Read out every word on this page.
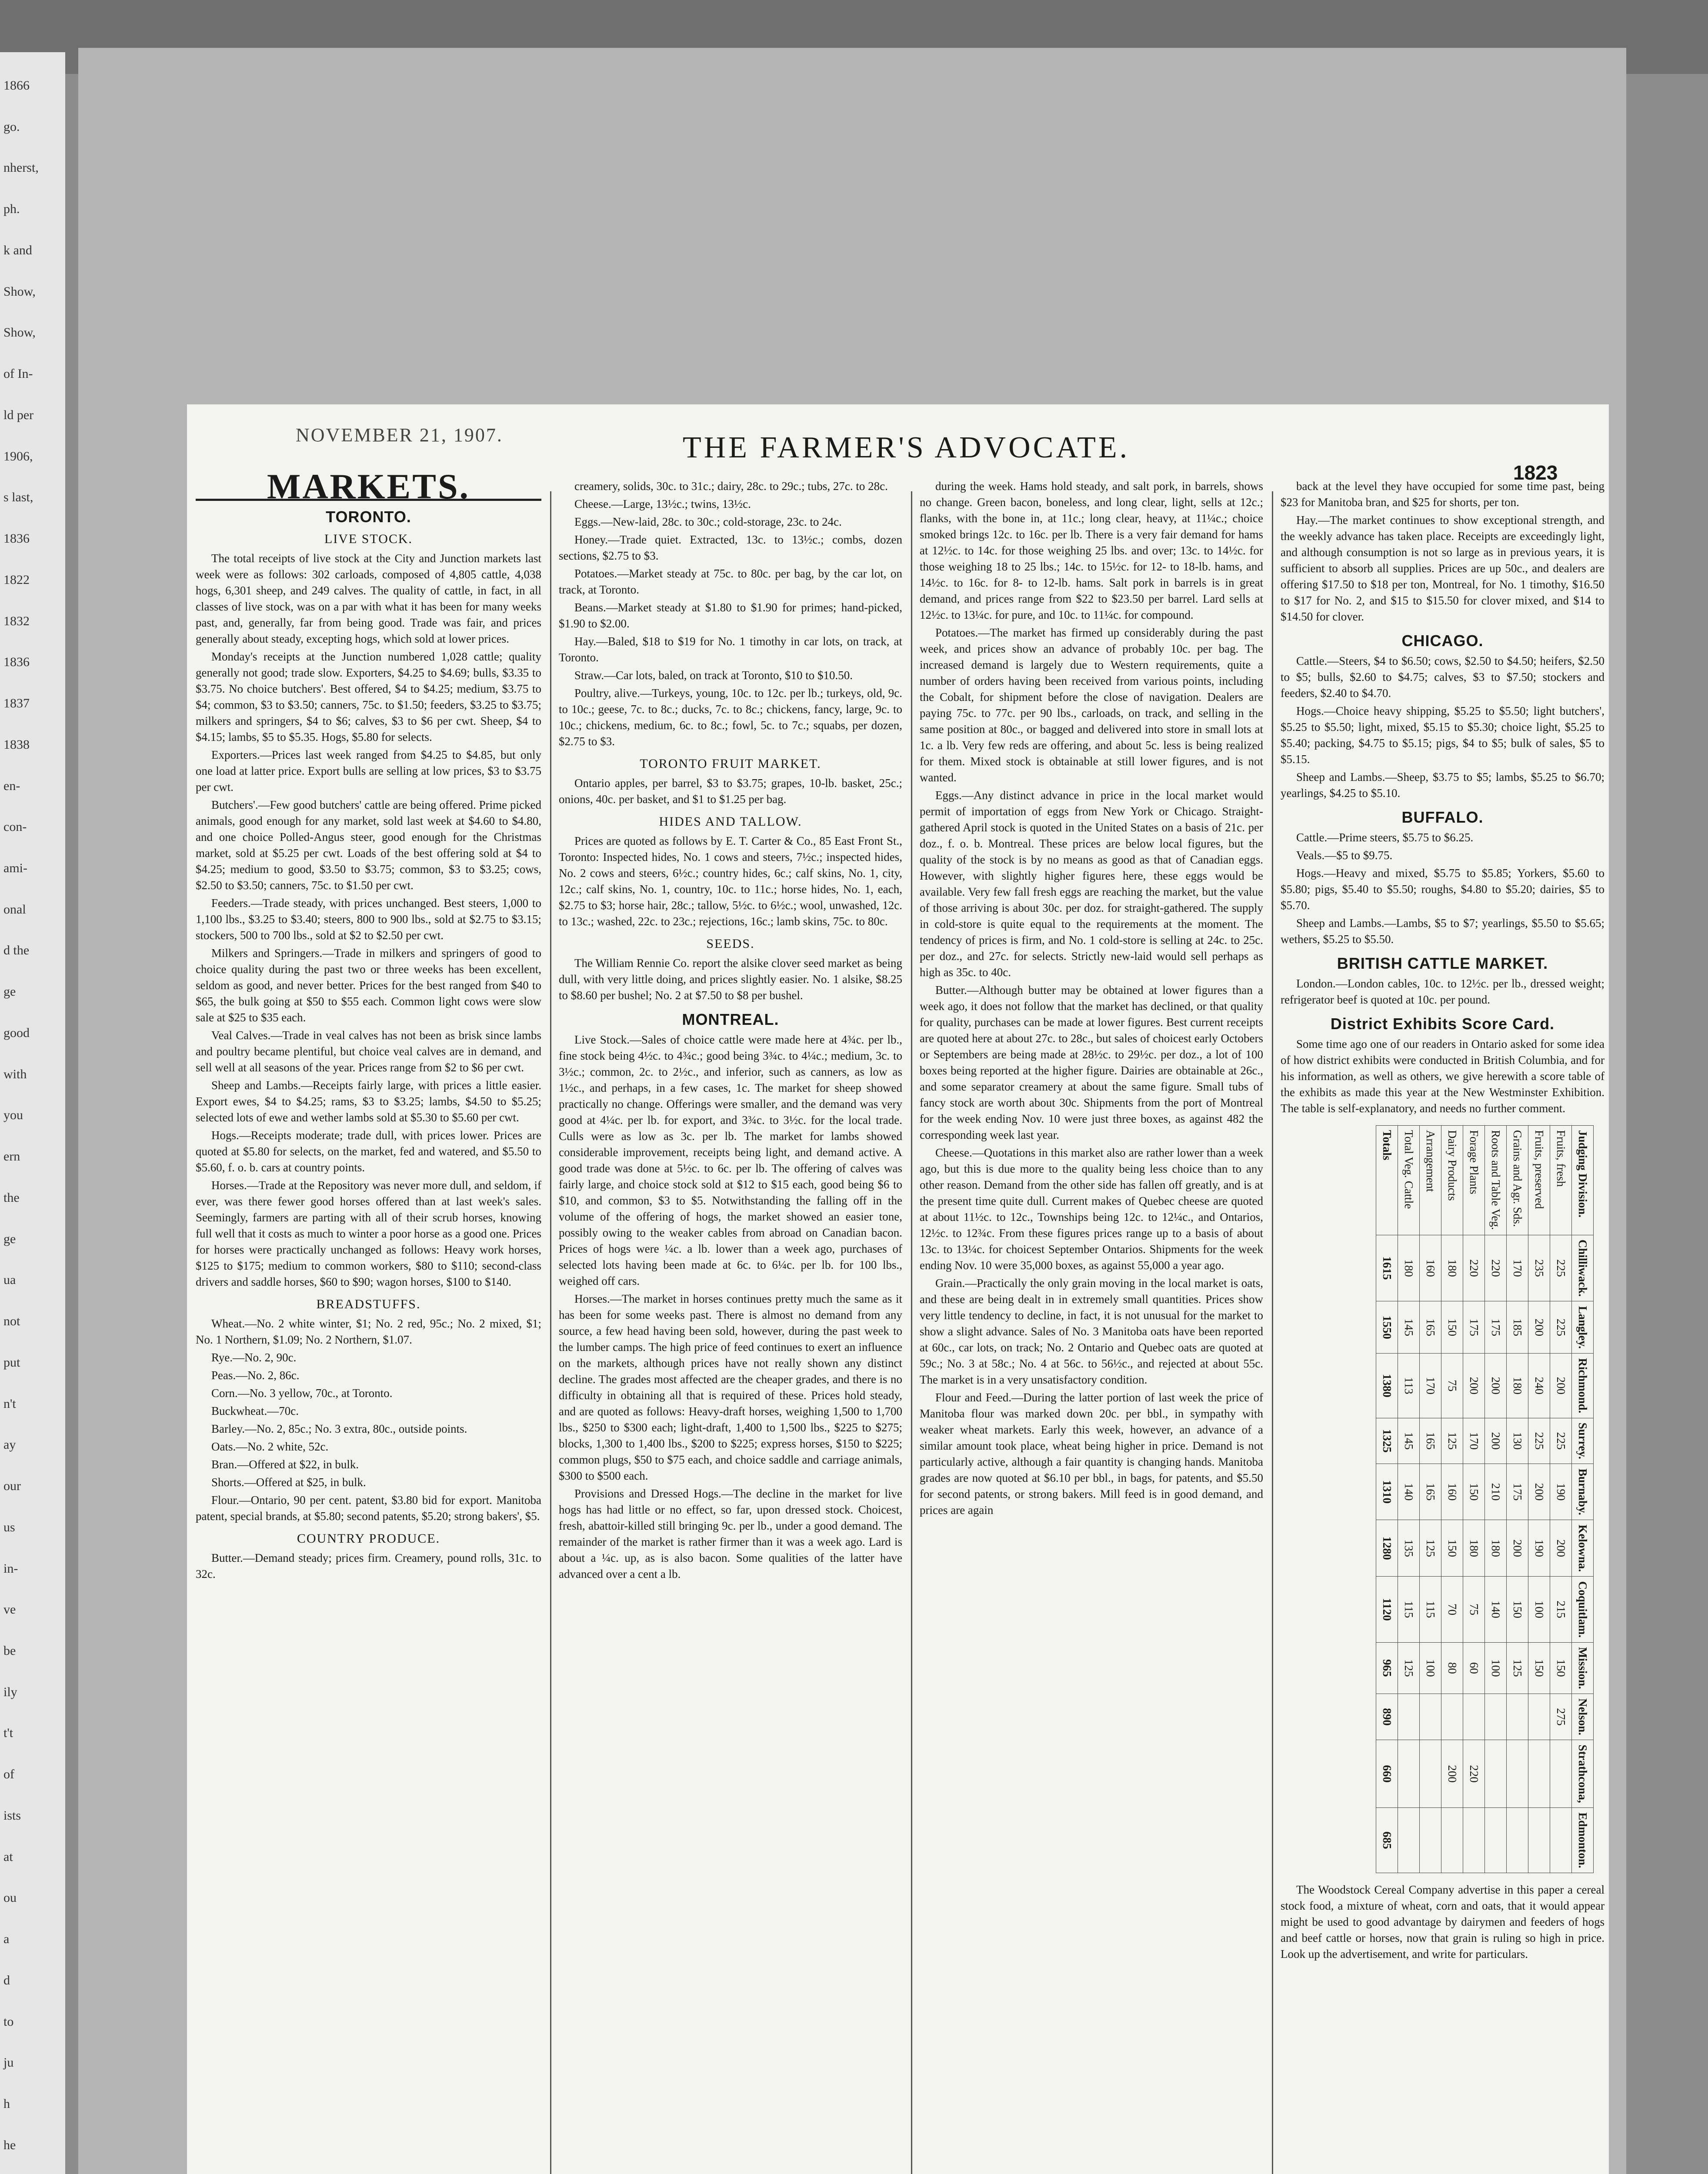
1866
go.
nherst,
ph.
k and
Show,
Show,
of In-
ld per
1906,
s last,
1836
1822
1832
1836
1837
1838
en-
con-
ami-
onal
d the
ge
good
with
you
ern
the
ge
ua
not
put
n't
ay
our
us
in-
ve
be
ily
t't
of
ists
at
ou
a
d
to
ju
h
he
NOVEMBER 21, 1907.	THE FARMER'S ADVOCATE.
1823
MARKETS.
TORONTO.
LIVE STOCK.

The total receipts of live stock at the City and Junction markets last week were as follows: 302 carloads, composed of 4,805 cattle, 4,038 hogs, 6,301 sheep, and 249 calves. The quality of cattle, in fact, in all classes of live stock, was on a par with what it has been for many weeks past, and, generally, far from being good. Trade was fair, and prices generally about steady, excepting hogs, which sold at lower prices.

Monday's receipts at the Junction numbered 1,028 cattle; quality generally not good; trade slow. Exporters, $4.25 to $4.69; bulls, $3.35 to $3.75. No choice butchers'. Best offered, $4 to $4.25; medium, $3.75 to $4; common, $3 to $3.50; canners, 75c. to $1.50; feeders, $3.25 to $3.75; milkers and springers, $4 to $6; calves, $3 to $6 per cwt. Sheep, $4 to $4.15; lambs, $5 to $5.35. Hogs, $5.80 for selects.

Exporters.—Prices last week ranged from $4.25 to $4.85, but only one load at latter price. Export bulls are selling at low prices, $3 to $3.75 per cwt.

Butchers'.—Few good butchers' cattle are being offered. Prime picked animals, good enough for any market, sold last week at $4.60 to $4.80, and one choice Polled-Angus steer, good enough for the Christmas market, sold at $5.25 per cwt. Loads of the best offering sold at $4 to $4.25; medium to good, $3.50 to $3.75; common, $3 to $3.25; cows, $2.50 to $3.50; canners, 75c. to $1.50 per cwt.

Feeders.—Trade steady, with prices unchanged. Best steers, 1,000 to 1,100 lbs., $3.25 to $3.40; steers, 800 to 900 lbs., sold at $2.75 to $3.15; stockers, 500 to 700 lbs., sold at $2 to $2.50 per cwt.

Milkers and Springers.—Trade in milkers and springers of good to choice quality during the past two or three weeks has been excellent, seldom as good, and never better. Prices for the best ranged from $40 to $65, the bulk going at $50 to $55 each. Common light cows were slow sale at $25 to $35 each.

Veal Calves.—Trade in veal calves has not been as brisk since lambs and poultry became plentiful, but choice veal calves are in demand, and sell well at all seasons of the year. Prices range from $2 to $6 per cwt.

Sheep and Lambs.—Receipts fairly large, with prices a little easier. Export ewes, $4 to $4.25; rams, $3 to $3.25; lambs, $4.50 to $5.25; selected lots of ewe and wether lambs sold at $5.30 to $5.60 per cwt.

Hogs.—Receipts moderate; trade dull, with prices lower. Prices are quoted at $5.80 for selects, on the market, fed and watered, and $5.50 to $5.60, f. o. b. cars at country points.

Horses.—Trade at the Repository was never more dull, and seldom, if ever, was there fewer good horses offered than at last week's sales. Seemingly, farmers are parting with all of their scrub horses, knowing full well that it costs as much to winter a poor horse as a good one. Prices for horses were practically unchanged as follows: Heavy work horses, $125 to $175; medium to common workers, $80 to $110; second-class drivers and saddle horses, $60 to $90; wagon horses, $100 to $140.

BREADSTUFFS.

Wheat.—No. 2 white winter, $1; No. 2 red, 95c.; No. 2 mixed, $1; No. 1 Northern, $1.09; No. 2 Northern, $1.07.

Rye.—No. 2, 90c.

Peas.—No. 2, 86c.

Corn.—No. 3 yellow, 70c., at Toronto.

Buckwheat.—70c.

Barley.—No. 2, 85c.; No. 3 extra, 80c., outside points.

Oats.—No. 2 white, 52c.

Bran.—Offered at $22, in bulk.

Shorts.—Offered at $25, in bulk.

Flour.—Ontario, 90 per cent. patent, $3.80 bid for export. Manitoba patent, special brands, at $5.80; second patents, $5.20; strong bakers', $5.

COUNTRY PRODUCE.

Butter.—Demand steady; prices firm. Creamery, pound rolls, 31c. to 32c.

creamery, solids, 30c. to 31c.; dairy, 28c. to 29c.; tubs, 27c. to 28c.

Cheese.—Large, 13½c.; twins, 13½c.

Eggs.—New-laid, 28c. to 30c.; cold-storage, 23c. to 24c.

Honey.—Trade quiet. Extracted, 13c. to 13½c.; combs, dozen sections, $2.75 to $3.

Potatoes.—Market steady at 75c. to 80c. per bag, by the car lot, on track, at Toronto.

Beans.—Market steady at $1.80 to $1.90 for primes; hand-picked, $1.90 to $2.00.

Hay.—Baled, $18 to $19 for No. 1 timothy in car lots, on track, at Toronto.

Straw.—Car lots, baled, on track at Toronto, $10 to $10.50.

Poultry, alive.—Turkeys, young, 10c. to 12c. per lb.; turkeys, old, 9c. to 10c.; geese, 7c. to 8c.; ducks, 7c. to 8c.; chickens, fancy, large, 9c. to 10c.; chickens, medium, 6c. to 8c.; fowl, 5c. to 7c.; squabs, per dozen, $2.75 to $3.

TORONTO FRUIT MARKET.

Ontario apples, per barrel, $3 to $3.75; grapes, 10-lb. basket, 25c.; onions, 40c. per basket, and $1 to $1.25 per bag.

HIDES AND TALLOW.

Prices are quoted as follows by E. T. Carter & Co., 85 East Front St., Toronto: Inspected hides, No. 1 cows and steers, 7½c.; inspected hides, No. 2 cows and steers, 6½c.; country hides, 6c.; calf skins, No. 1, city, 12c.; calf skins, No. 1, country, 10c. to 11c.; horse hides, No. 1, each, $2.75 to $3; horse hair, 28c.; tallow, 5½c. to 6½c.; wool, unwashed, 12c. to 13c.; washed, 22c. to 23c.; rejections, 16c.; lamb skins, 75c. to 80c.

SEEDS.

The William Rennie Co. report the alsike clover seed market as being dull, with very little doing, and prices slightly easier. No. 1 alsike, $8.25 to $8.60 per bushel; No. 2 at $7.50 to $8 per bushel.

MONTREAL.

Live Stock.—Sales of choice cattle were made here at 4¾c. per lb., fine stock being 4½c. to 4¾c.; good being 3¾c. to 4¼c.; medium, 3c. to 3½c.; common, 2c. to 2½c., and inferior, such as canners, as low as 1½c., and perhaps, in a few cases, 1c. The market for sheep showed practically no change. Offerings were smaller, and the demand was very good at 4¼c. per lb. for export, and 3¾c. to 3½c. for the local trade. Culls were as low as 3c. per lb. The market for lambs showed considerable improvement, receipts being light, and demand active. A good trade was done at 5½c. to 6c. per lb. The offering of calves was fairly large, and choice stock sold at $12 to $15 each, good being $6 to $10, and common, $3 to $5. Notwithstanding the falling off in the volume of the offering of hogs, the market showed an easier tone, possibly owing to the weaker cables from abroad on Canadian bacon. Prices of hogs were ¼c. a lb. lower than a week ago, purchases of selected lots having been made at 6c. to 6¼c. per lb. for 100 lbs., weighed off cars.

Horses.—The market in horses continues pretty much the same as it has been for some weeks past. There is almost no demand from any source, a few head having been sold, however, during the past week to the lumber camps. The high price of feed continues to exert an influence on the markets, although prices have not really shown any distinct decline. The grades most affected are the cheaper grades, and there is no difficulty in obtaining all that is required of these. Prices hold steady, and are quoted as follows: Heavy-draft horses, weighing 1,500 to 1,700 lbs., $250 to $300 each; light-draft, 1,400 to 1,500 lbs., $225 to $275; blocks, 1,300 to 1,400 lbs., $200 to $225; express horses, $150 to $225; common plugs, $50 to $75 each, and choice saddle and carriage animals, $300 to $500 each.

Provisions and Dressed Hogs.—The decline in the market for live hogs has had little or no effect, so far, upon dressed stock. Choicest, fresh, abattoir-killed still bringing 9c. per lb., under a good demand. The remainder of the market is rather firmer than it was a week ago. Lard is about a ¼c. up, as is also bacon. Some qualities of the latter have advanced over a cent a lb.

during the week. Hams hold steady, and salt pork, in barrels, shows no change. Green bacon, boneless, and long clear, light, sells at 12c.; flanks, with the bone in, at 11c.; long clear, heavy, at 11¼c.; choice smoked brings 12c. to 16c. per lb. There is a very fair demand for hams at 12½c. to 14c. for those weighing 25 lbs. and over; 13c. to 14½c. for those weighing 18 to 25 lbs.; 14c. to 15½c. for 12- to 18-lb. hams, and 14½c. to 16c. for 8- to 12-lb. hams. Salt pork in barrels is in great demand, and prices range from $22 to $23.50 per barrel. Lard sells at 12½c. to 13¼c. for pure, and 10c. to 11¼c. for compound.

Potatoes.—The market has firmed up considerably during the past week, and prices show an advance of probably 10c. per bag. The increased demand is largely due to Western requirements, quite a number of orders having been received from various points, including the Cobalt, for shipment before the close of navigation. Dealers are paying 75c. to 77c. per 90 lbs., carloads, on track, and selling in the same position at 80c., or bagged and delivered into store in small lots at 1c. a lb. Very few reds are offering, and about 5c. less is being realized for them. Mixed stock is obtainable at still lower figures, and is not wanted.

Eggs.—Any distinct advance in price in the local market would permit of importation of eggs from New York or Chicago. Straight-gathered April stock is quoted in the United States on a basis of 21c. per doz., f. o. b. Montreal. These prices are below local figures, but the quality of the stock is by no means as good as that of Canadian eggs. However, with slightly higher figures here, these eggs would be available. Very few fall fresh eggs are reaching the market, but the value of those arriving is about 30c. per doz. for straight-gathered. The supply in cold-store is quite equal to the requirements at the moment. The tendency of prices is firm, and No. 1 cold-store is selling at 24c. to 25c. per doz., and 27c. for selects. Strictly new-laid would sell perhaps as high as 35c. to 40c.

Butter.—Although butter may be obtained at lower figures than a week ago, it does not follow that the market has declined, or that quality for quality, purchases can be made at lower figures. Best current receipts are quoted here at about 27c. to 28c., but sales of choicest early Octobers or Septembers are being made at 28½c. to 29½c. per doz., a lot of 100 boxes being reported at the higher figure. Dairies are obtainable at 26c., and some separator creamery at about the same figure. Small tubs of fancy stock are worth about 30c. Shipments from the port of Montreal for the week ending Nov. 10 were just three boxes, as against 482 the corresponding week last year.

Cheese.—Quotations in this market also are rather lower than a week ago, but this is due more to the quality being less choice than to any other reason. Demand from the other side has fallen off greatly, and is at the present time quite dull. Current makes of Quebec cheese are quoted at about 11½c. to 12c., Townships being 12c. to 12¼c., and Ontarios, 12½c. to 12¾c. From these figures prices range up to a basis of about 13c. to 13¼c. for choicest September Ontarios. Shipments for the week ending Nov. 10 were 35,000 boxes, as against 55,000 a year ago.

Grain.—Practically the only grain moving in the local market is oats, and these are being dealt in in extremely small quantities. Prices show very little tendency to decline, in fact, it is not unusual for the market to show a slight advance. Sales of No. 3 Manitoba oats have been reported at 60c., car lots, on track; No. 2 Ontario and Quebec oats are quoted at 59c.; No. 3 at 58c.; No. 4 at 56c. to 56½c., and rejected at about 55c. The market is in a very unsatisfactory condition.

Flour and Feed.—During the latter portion of last week the price of Manitoba flour was marked down 20c. per bbl., in sympathy with weaker wheat markets. Early this week, however, an advance of a similar amount took place, wheat being higher in price. Demand is not particularly active, although a fair quantity is changing hands. Manitoba grades are now quoted at $6.10 per bbl., in bags, for patents, and $5.50 for second patents, or strong bakers. Mill feed is in good demand, and prices are again

back at the level they have occupied for some time past, being $23 for Manitoba bran, and $25 for shorts, per ton.

Hay.—The market continues to show exceptional strength, and the weekly advance has taken place. Receipts are exceedingly light, and although consumption is not so large as in previous years, it is sufficient to absorb all supplies. Prices are up 50c., and dealers are offering $17.50 to $18 per ton, Montreal, for No. 1 timothy, $16.50 to $17 for No. 2, and $15 to $15.50 for clover mixed, and $14 to $14.50 for clover.

CHICAGO.

Cattle.—Steers, $4 to $6.50; cows, $2.50 to $4.50; heifers, $2.50 to $5; bulls, $2.60 to $4.75; calves, $3 to $7.50; stockers and feeders, $2.40 to $4.70.

Hogs.—Choice heavy shipping, $5.25 to $5.50; light butchers', $5.25 to $5.50; light, mixed, $5.15 to $5.30; choice light, $5.25 to $5.40; packing, $4.75 to $5.15; pigs, $4 to $5; bulk of sales, $5 to $5.15.

Sheep and Lambs.—Sheep, $3.75 to $5; lambs, $5.25 to $6.70; yearlings, $4.25 to $5.10.

BUFFALO.

Cattle.—Prime steers, $5.75 to $6.25.

Veals.—$5 to $9.75.

Hogs.—Heavy and mixed, $5.75 to $5.85; Yorkers, $5.60 to $5.80; pigs, $5.40 to $5.50; roughs, $4.80 to $5.20; dairies, $5 to $5.70.

Sheep and Lambs.—Lambs, $5 to $7; yearlings, $5.50 to $5.65; wethers, $5.25 to $5.50.

BRITISH CATTLE MARKET.

London.—London cables, 10c. to 12½c. per lb., dressed weight; refrigerator beef is quoted at 10c. per pound.

District Exhibits Score Card.

Some time ago one of our readers in Ontario asked for some idea of how district exhibits were conducted in British Columbia, and for his information, as well as others, we give herewith a score table of the exhibits as made this year at the New Westminster Exhibition. The table is self-explanatory, and needs no further comment.

Judging Division.	Chilliwack.	Langley.	Richmond.	Surrey.	Burnaby.	Kelowna.	Coquitlam.	Mission.	Nelson.	Strathcona,	Edmonton.
Fruits, fresh	225	225	200	225	190	200	215	150	275		
Fruits, preserved	235	200	240	225	200	190	100	150			
Grains and Agr. Sds.	170	185	180	130	175	200	150	125			
Roots and Table Veg.	220	175	200	200	210	180	140	100			
Forage Plants	220	175	200	170	150	180	75	60		220	
Dairy Products	180	150	75	125	160	150	70	80		200	
Arrangement	160	165	170	165	165	125	115	100			
Total Veg. Cattle	180	145	113	145	140	135	115	125			
Totals	1615	1550	1380	1325	1310	1280	1120	965	890	660	685

The Woodstock Cereal Company advertise in this paper a cereal stock food, a mixture of wheat, corn and oats, that it would appear might be used to good advantage by dairymen and feeders of hogs and beef cattle or horses, now that grain is ruling so high in price. Look up the advertisement, and write for particulars.
